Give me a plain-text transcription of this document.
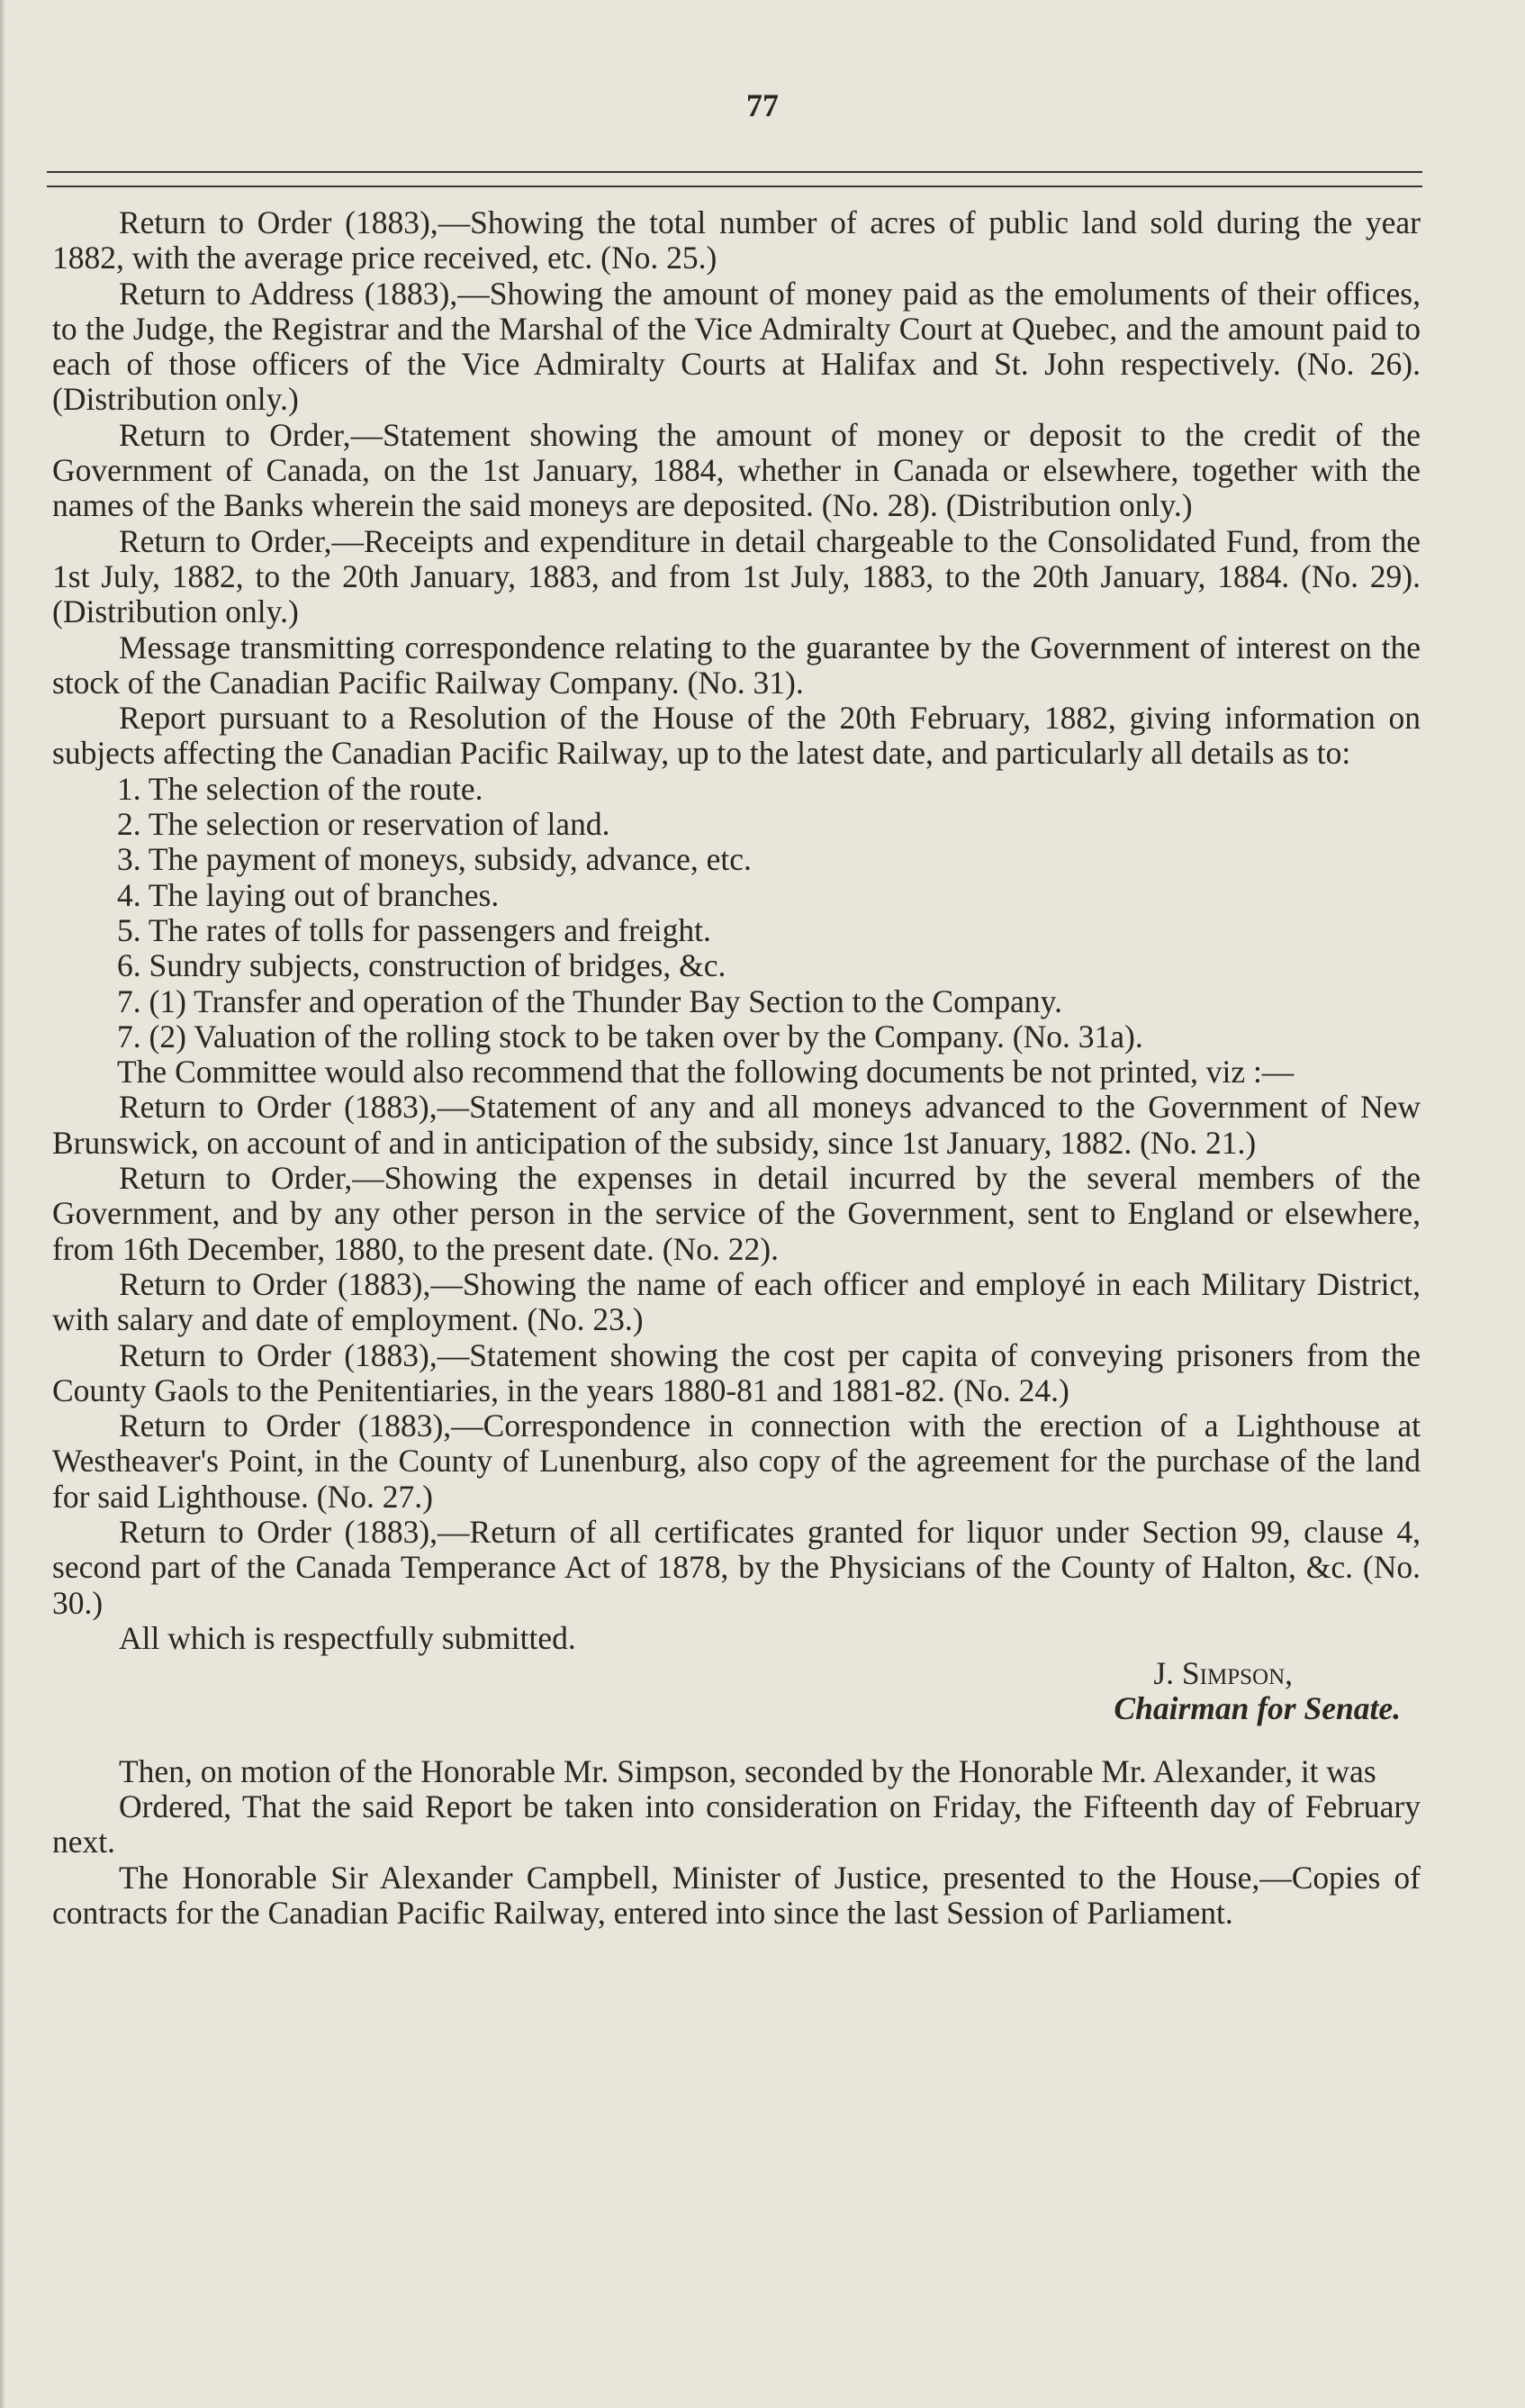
77

Return to Order (1883),—Showing the total number of acres of public land sold during the year 1882, with the average price received, etc. (No. 25.)

Return to Address (1883),—Showing the amount of money paid as the emoluments of their offices, to the Judge, the Registrar and the Marshal of the Vice Admiralty Court at Quebec, and the amount paid to each of those officers of the Vice Admiralty Courts at Halifax and St. John respectively. (No. 26). (Distribution only.)

Return to Order,—Statement showing the amount of money or deposit to the credit of the Government of Canada, on the 1st January, 1884, whether in Canada or elsewhere, together with the names of the Banks wherein the said moneys are deposited. (No. 28). (Distribution only.)

Return to Order,—Receipts and expenditure in detail chargeable to the Consolidated Fund, from the 1st July, 1882, to the 20th January, 1883, and from 1st July, 1883, to the 20th January, 1884. (No. 29). (Distribution only.)

Message transmitting correspondence relating to the guarantee by the Government of interest on the stock of the Canadian Pacific Railway Company. (No. 31).

Report pursuant to a Resolution of the House of the 20th February, 1882, giving information on subjects affecting the Canadian Pacific Railway, up to the latest date, and particularly all details as to:

1. The selection of the route.

2. The selection or reservation of land.

3. The payment of moneys, subsidy, advance, etc.

4. The laying out of branches.

5. The rates of tolls for passengers and freight.

6. Sundry subjects, construction of bridges, &c.

7. (1) Transfer and operation of the Thunder Bay Section to the Company.

7. (2) Valuation of the rolling stock to be taken over by the Company. (No. 31a).

The Committee would also recommend that the following documents be not printed, viz :—

Return to Order (1883),—Statement of any and all moneys advanced to the Government of New Brunswick, on account of and in anticipation of the subsidy, since 1st January, 1882. (No. 21.)

Return to Order,—Showing the expenses in detail incurred by the several members of the Government, and by any other person in the service of the Government, sent to England or elsewhere, from 16th December, 1880, to the present date. (No. 22).

Return to Order (1883),—Showing the name of each officer and employé in each Military District, with salary and date of employment. (No. 23.)

Return to Order (1883),—Statement showing the cost per capita of conveying prisoners from the County Gaols to the Penitentiaries, in the years 1880-81 and 1881-82. (No. 24.)

Return to Order (1883),—Correspondence in connection with the erection of a Lighthouse at Westheaver's Point, in the County of Lunenburg, also copy of the agreement for the purchase of the land for said Lighthouse. (No. 27.)

Return to Order (1883),—Return of all certificates granted for liquor under Section 99, clause 4, second part of the Canada Temperance Act of 1878, by the Physicians of the County of Halton, &c. (No. 30.)

All which is respectfully submitted.

J. Simpson,

Chairman for Senate.

Then, on motion of the Honorable Mr. Simpson, seconded by the Honorable Mr. Alexander, it was

Ordered, That the said Report be taken into consideration on Friday, the Fifteenth day of February next.

The Honorable Sir Alexander Campbell, Minister of Justice, presented to the House,—Copies of contracts for the Canadian Pacific Railway, entered into since the last Session of Parliament.
